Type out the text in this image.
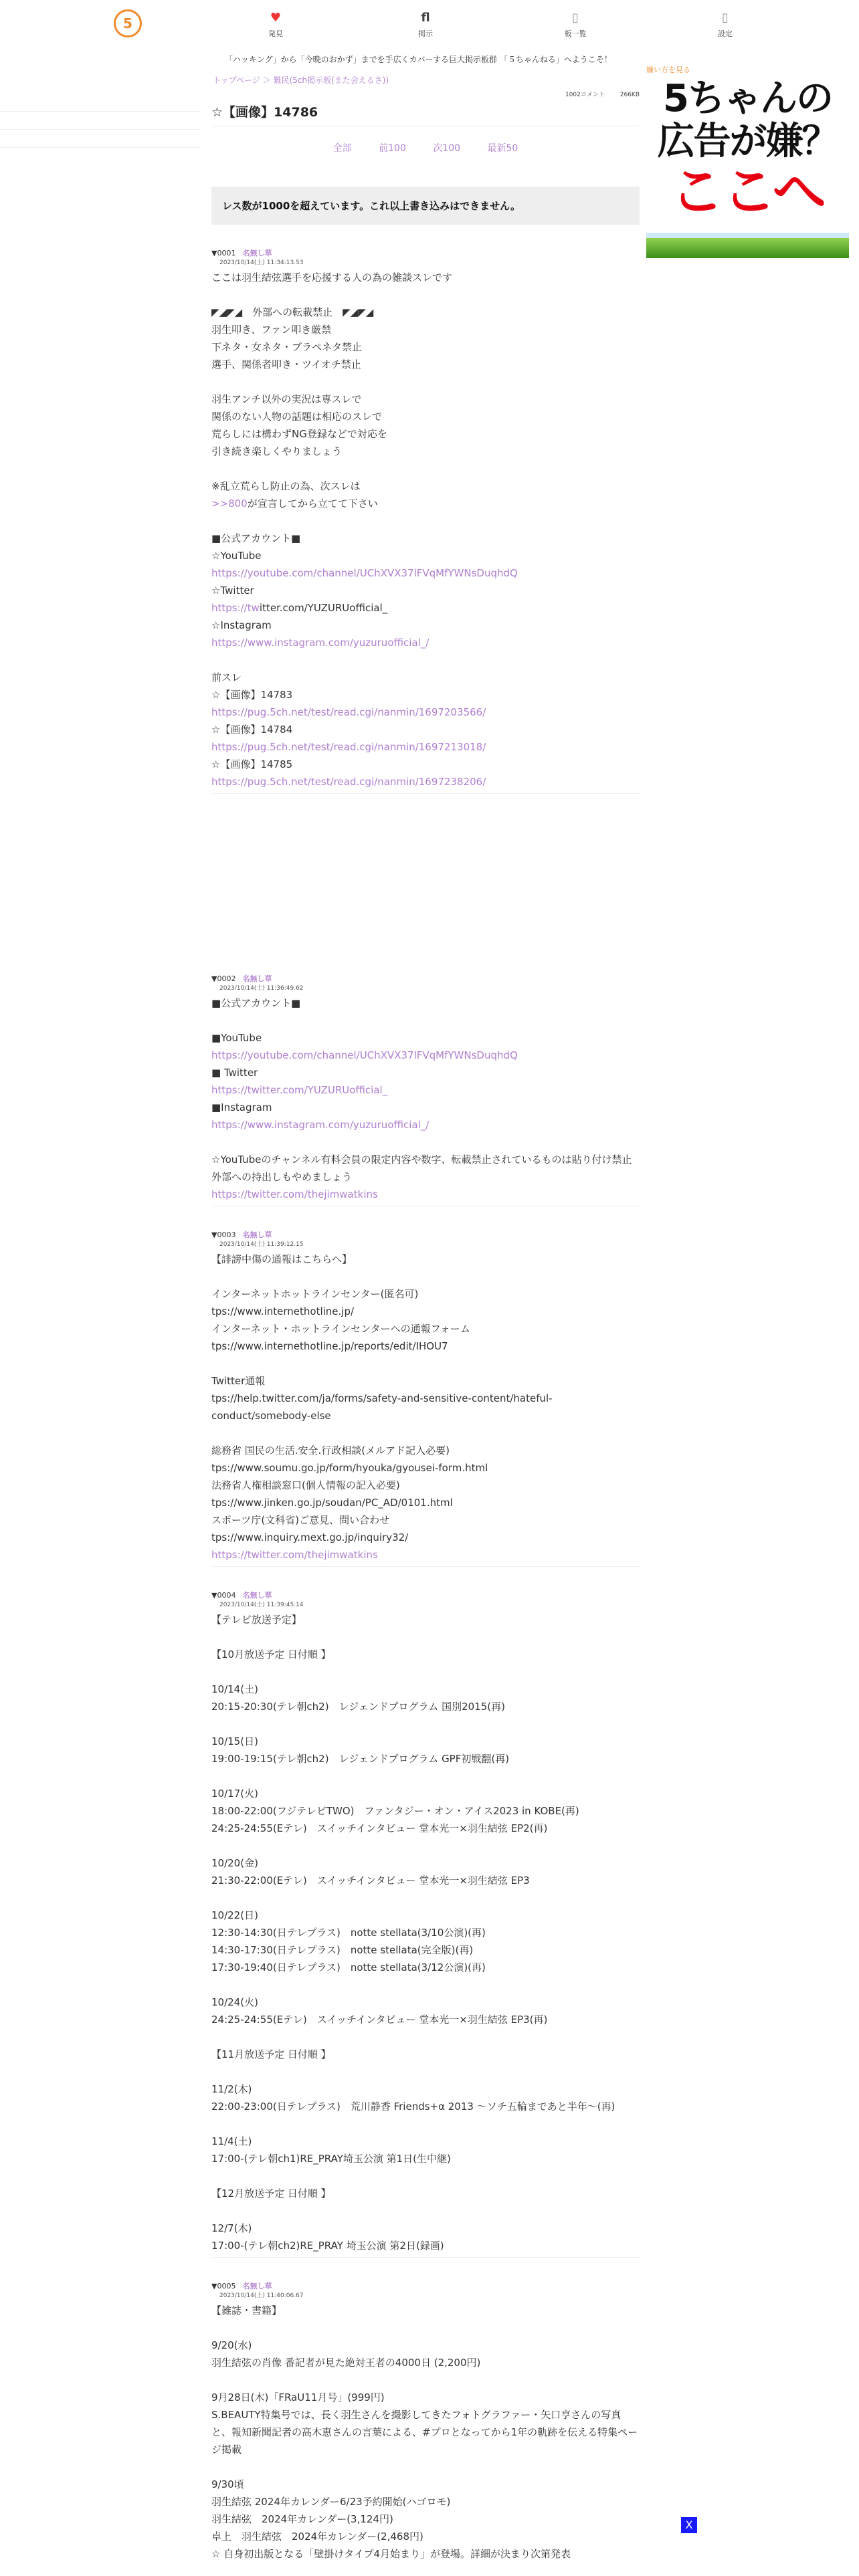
5	♥
発見
fl
掲示
▯
板一覧
▯
設定
嫌い方を見る
5ちゃんの
広告が嫌？
ここへ
「ハッキング」から「今晩のおかず」までを手広くカバーする巨大掲示板群 「５ちゃんねる」へようこそ！
トップページ ＞ 難民(5ch掲示板(また会えるさ))
1002コメント	266KB
☆【画像】14786
全部	前100	次100	最新50
レス数が1000を超えています。これ以上書き込みはできません。
▼0001 名無し草
2023/10/14(土) 11:34:13.53
ここは羽生結弦選手を応援する人の為の雑談スレです

◤◢◤◢　外部への転載禁止　◤◢◤◢
羽生叩き、ファン叩き厳禁
下ネタ・女ネタ・ブラペネタ禁止
選手、関係者叩き・ツイオチ禁止

羽生アンチ以外の実況は専スレで
関係のない人物の話題は相応のスレで
荒らしには構わずNG登録などで対応を
引き続き楽しくやりましょう

※乱立荒らし防止の為、次スレは
>>800が宣言してから立てて下さい

■公式アカウント■
☆YouTube
https://youtube.com/channel/UChXVX37lFVqMfYWNsDuqhdQ
☆Twitter
https://twitter.com/YUZURUofficial_
☆Instagram
https://www.instagram.com/yuzuruofficial_/

前スレ
☆【画像】14783
https://pug.5ch.net/test/read.cgi/nanmin/1697203566/
☆【画像】14784
https://pug.5ch.net/test/read.cgi/nanmin/1697213018/
☆【画像】14785
https://pug.5ch.net/test/read.cgi/nanmin/1697238206/
▼0002 名無し草
2023/10/14(土) 11:36:49.62
■公式アカウント■

■YouTube
https://youtube.com/channel/UChXVX37lFVqMfYWNsDuqhdQ
■ Twitter
https://twitter.com/YUZURUofficial_
■Instagram
https://www.instagram.com/yuzuruofficial_/

☆YouTubeのチャンネル有料会員の限定内容や数字、転載禁止されているものは貼り付け禁止
外部への持出しもやめましょう
https://twitter.com/thejimwatkins
▼0003 名無し草
2023/10/14(土) 11:39:12.15
【誹謗中傷の通報はこちらへ】

インターネットホットラインセンター(匿名可)
tps://www.internethotline.jp/
インターネット・ホットラインセンターへの通報フォーム
tps://www.internethotline.jp/reports/edit/IHOU7

Twitter通報
tps://help.twitter.com/ja/forms/safety-and-sensitive-content/hateful-conduct/somebody-else

総務省 国民の生活.安全.行政相談(メルアド記入必要)
tps://www.soumu.go.jp/form/hyouka/gyousei-form.html
法務省人権相談窓口(個人情報の記入必要)
tps://www.jinken.go.jp/soudan/PC_AD/0101.html
スポーツ庁(文科省)ご意見、問い合わせ
tps://www.inquiry.mext.go.jp/inquiry32/
https://twitter.com/thejimwatkins
▼0004 名無し草
2023/10/14(土) 11:39:45.14
【テレビ放送予定】

【10月放送予定 日付順 】

10/14(土)
20:15-20:30(テレ朝ch2)　レジェンドプログラム 国別2015(再)

10/15(日)
19:00-19:15(テレ朝ch2)　レジェンドプログラム GPF初戦翻(再)

10/17(火)
18:00-22:00(フジテレビTWO)　ファンタジー・オン・アイス2023 in KOBE(再)
24:25-24:55(Eテレ)　スイッチインタビュー 堂本光一×羽生結弦 EP2(再)

10/20(金)
21:30-22:00(Eテレ)　スイッチインタビュー 堂本光一×羽生結弦 EP3

10/22(日)
12:30-14:30(日テレプラス)　notte stellata(3/10公演)(再)
14:30-17:30(日テレプラス)　notte stellata(完全版)(再)
17:30-19:40(日テレプラス)　notte stellata(3/12公演)(再)

10/24(火)
24:25-24:55(Eテレ)　スイッチインタビュー 堂本光一×羽生結弦 EP3(再)

【11月放送予定 日付順 】

11/2(木)
22:00-23:00(日テレプラス)　荒川静香 Friends+α 2013 ～ソチ五輪まであと半年～(再)

11/4(土)
17:00-(テレ朝ch1)RE_PRAY埼玉公演 第1日(生中継)

【12月放送予定 日付順 】

12/7(木)
17:00-(テレ朝ch2)RE_PRAY 埼玉公演 第2日(録画)
▼0005 名無し草
2023/10/14(土) 11:40:06.67
【雑誌・書籍】

9/20(水)
羽生結弦の肖像 番記者が見た絶対王者の4000日 (2,200円)

9月28日(木)「FRaU11月号」(999円)
S.BEAUTY特集号では、長く羽生さんを撮影してきたフォトグラファー・矢口亨さんの写真と、報知新聞記者の高木恵さんの言葉による、#プロとなってから1年の軌跡を伝える特集ページ掲載

9/30頃
羽生結弦 2024年カレンダー6/23予約開始(ハゴロモ)
羽生結弦　2024年カレンダー(3,124円)
卓上　羽生結弦　2024年カレンダー(2,468円)
☆ 自身初出版となる「壁掛けタイプ4月始まり」が登場。詳細が決まり次第発表
X
